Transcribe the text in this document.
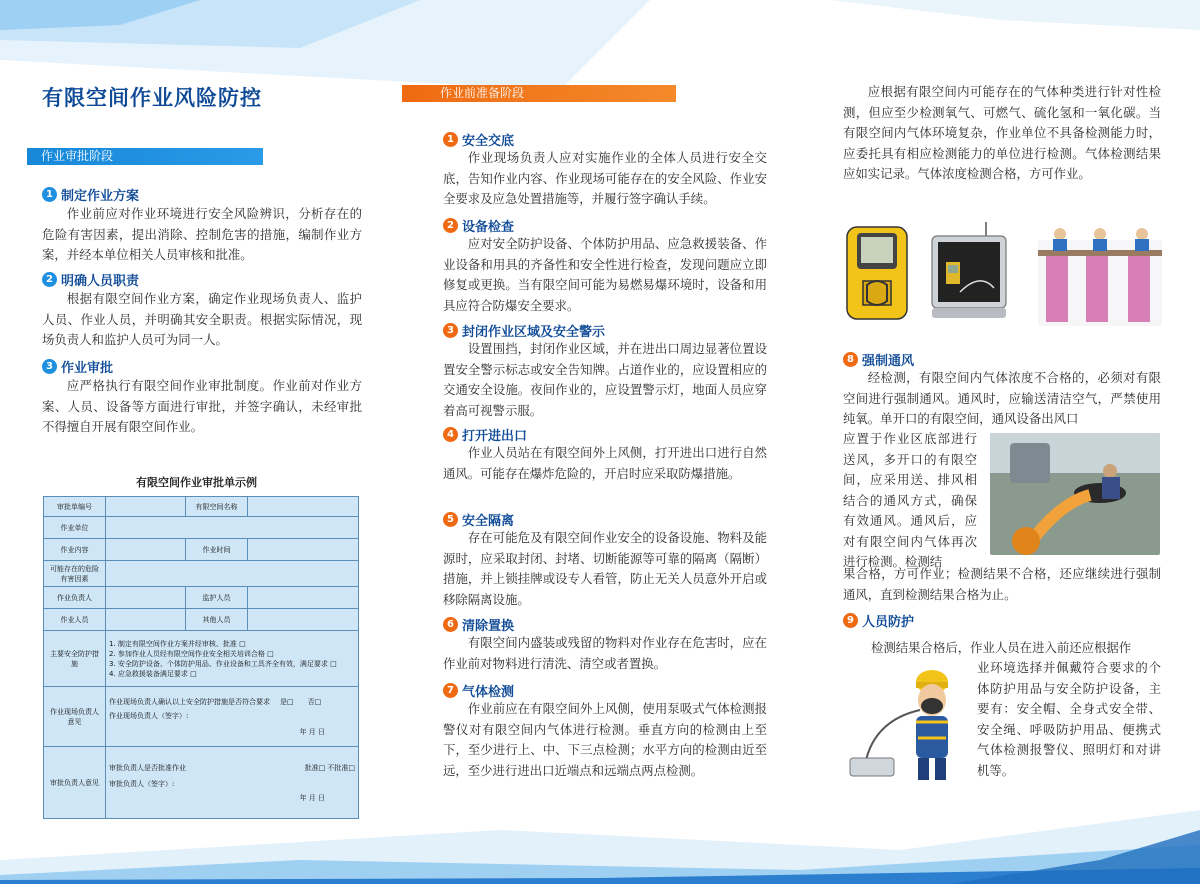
有限空间作业风险防控
作业审批阶段
1 制定作业方案
作业前应对作业环境进行安全风险辨识，分析存在的危险有害因素，提出消除、控制危害的措施，编制作业方案，并经本单位相关人员审核和批准。
2 明确人员职责
根据有限空间作业方案，确定作业现场负责人、监护人员、作业人员，并明确其安全职责。根据实际情况，现场负责人和监护人员可为同一人。
3 作业审批
应严格执行有限空间作业审批制度。作业前对作业方案、人员、设备等方面进行审批，并签字确认，未经审批不得擅自开展有限空间作业。
有限空间作业审批单示例
审批单编号		有限空间名称	
作业单位			
作业内容		作业时间	
可能存在的危险有害因素			
作业负责人		监护人员	
作业人员		其他人员	
主要安全防护措施	1. 制定有限空间作业方案并经审核、批准 □
2. 参加作业人员经有限空间作业安全相关培训合格 □
3. 安全防护设备、个体防护用品、作业设备和工具齐全有效，满足要求 □
4. 应急救援装备满足要求 □		

作业现场负责人意见	作业现场负责人确认以上安全防护措施是否符合要求 是□ 否□
作业现场负责人（签字）:
年 月 日		

审批负责人意见	审批负责人是否批准作业 批准□ 不批准□
审批负责人（签字）:
年 月 日		
作业前准备阶段
1 安全交底
作业现场负责人应对实施作业的全体人员进行安全交底，告知作业内容、作业现场可能存在的安全风险、作业安全要求及应急处置措施等，并履行签字确认手续。
2 设备检查
应对安全防护设备、个体防护用品、应急救援装备、作业设备和用具的齐备性和安全性进行检查，发现问题应立即修复或更换。当有限空间可能为易燃易爆环境时，设备和用具应符合防爆安全要求。
3 封闭作业区域及安全警示
设置围挡，封闭作业区域，并在进出口周边显著位置设置安全警示标志或安全告知牌。占道作业的，应设置相应的交通安全设施。夜间作业的，应设置警示灯，地面人员应穿着高可视警示服。
4 打开进出口
作业人员站在有限空间外上风侧，打开进出口进行自然通风。可能存在爆炸危险的，开启时应采取防爆措施。
5 安全隔离
存在可能危及有限空间作业安全的设备设施、物料及能源时，应采取封闭、封堵、切断能源等可靠的隔离（隔断）措施，并上锁挂牌或设专人看管，防止无关人员意外开启或移除隔离设施。
6 清除置换
有限空间内盛装或残留的物料对作业存在危害时，应在作业前对物料进行清洗、清空或者置换。
7 气体检测
作业前应在有限空间外上风侧，使用泵吸式气体检测报警仪对有限空间内气体进行检测。垂直方向的检测由上至下，至少进行上、中、下三点检测；水平方向的检测由近至远，至少进行进出口近端点和远端点两点检测。
应根据有限空间内可能存在的气体种类进行针对性检测，但应至少检测氧气、可燃气、硫化氢和一氧化碳。当有限空间内气体环境复杂，作业单位不具备检测能力时，应委托具有相应检测能力的单位进行检测。气体检测结果应如实记录。气体浓度检测合格，方可作业。
8 强制通风
经检测，有限空间内气体浓度不合格的，必须对有限空间进行强制通风。通风时，应输送清洁空气，严禁使用纯氧。单开口的有限空间，通风设备出风口
应置于作业区底部进行送风，多开口的有限空间，应采用送、排风相结合的通风方式，确保有效通风。通风后，应对有限空间内气体再次进行检测。检测结
果合格，方可作业；检测结果不合格，还应继续进行强制通风，直到检测结果合格为止。
9 人员防护
检测结果合格后，作业人员在进入前还应根据作
业环境选择并佩戴符合要求的个体防护用品与安全防护设备，主要有：安全帽、全身式安全带、安全绳、呼吸防护用品、便携式气体检测报警仪、照明灯和对讲机等。
